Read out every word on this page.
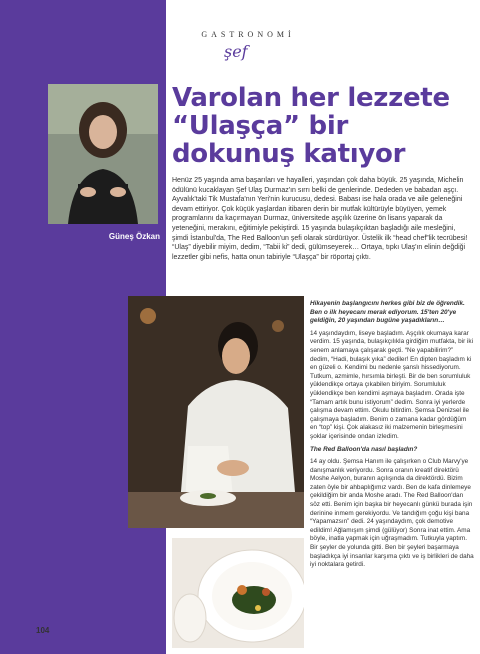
Güneş Özkan
GASTRONOMİ
şef
Varolan her lezzete “Ulaşça” bir dokunuş katıyor

Henüz 25 yaşında ama başarıları ve hayalleri, yaşından çok daha büyük. 25 yaşında, Michelin ödülünü kucaklayan Şef Ulaş Durmaz'ın sırrı belki de genlerinde. Dededen ve babadan aşçı. Ayvalık'taki Tik Mustafa'nın Yeri'nin kurucusu, dedesi. Babası ise hala orada ve aile geleneğini devam ettiriyor. Çok küçük yaşlardan itibaren derin bir mutfak kültürüyle büyüyen, yemek programlarını da kaçırmayan Durmaz, üniversitede aşçılık üzerine ön lisans yaparak da yeteneğini, merakını, eğitimiyle pekiştirdi. 15 yaşında bulaşıkçıktan başladığı aile mesleğini, şimdi İstanbul'da, The Red Balloon'un şefi olarak sürdürüyor. Üstelik ilk “head chef”lik tecrübesi! “Ulaş” diyebilir miyim, dedim, “Tabii ki” dedi, gülümseyerek… Ortaya, tıpkı Ulaş'ın elinin değdiği lezzetler gibi nefis, hatta onun tabiriyle “Ulaşça” bir röportaj çıktı.

Hikayenin başlangıcını herkes gibi biz de öğrendik. Ben o ilk heyecanı merak ediyorum. 15'ten 20'ye geldiğin, 20 yaşından bugüne yaşadıkların…

14 yaşındaydım, liseye başladım. Aşçılık okumaya karar verdim. 15 yaşında, bulaşıkçılıkla girdiğim mutfakta, bir iki senem anlamaya çalışarak geçti. “Ne yapabilirim?” dedim, “Hadi, bulaşık yıka” dediler! En dipten başladım ki en güzeli o. Kendimi bu nedenle şanslı hissediyorum. Tutkum, azmimle, hırsımla birleşti. Bir de ben sorumluluk yüklendikçe ortaya çıkabilen biriyim. Sorumluluk yüklendikçe ben kendimi aşmaya başladım. Orada işte “Tamam artık bunu istiyorum” dedim. Sonra iyi yerlerde çalışma devam ettim. Okulu bitirdim. Şemsa Denizsel ile çalışmaya başladım. Benim o zamana kadar gördüğüm en “top” kişi. Çok alakasız iki malzemenin birleşmesini şoklar içerisinde ondan izledim.

The Red Balloon'da nasıl başladın?

14 ay oldu. Şemsa Hanım ile çalışırken o Club Marvy'ye danışmanlık veriyordu. Sonra oranın kreatif direktörü Moshe Aelyon, buranın açılışında da direktördü. Bizim zaten öyle bir ahbaplığımız vardı. Ben de kafa dinlemeye çekildiğim bir anda Moshe aradı. The Red Balloon'dan söz etti. Benim için başka bir heyecanlı günkü burada işin derinine inmem gerekiyordu. Ve tandığım çoğu kişi bana “Yapamazsın” dedi. 24 yaşındaydım, çok demotive edildim! Ağlamışım şimdi (gülüyor) Sonra inat ettim. Ama böyle, inatla yapmak için uğraşmadım. Tutkuyla yaptım. Bir şeyler de yolunda gitti. Ben bir şeyleri başarmaya başladıkça iyi insanlar karşıma çıktı ve iş birlikleri de daha iyi noktalara getirdi.

104
